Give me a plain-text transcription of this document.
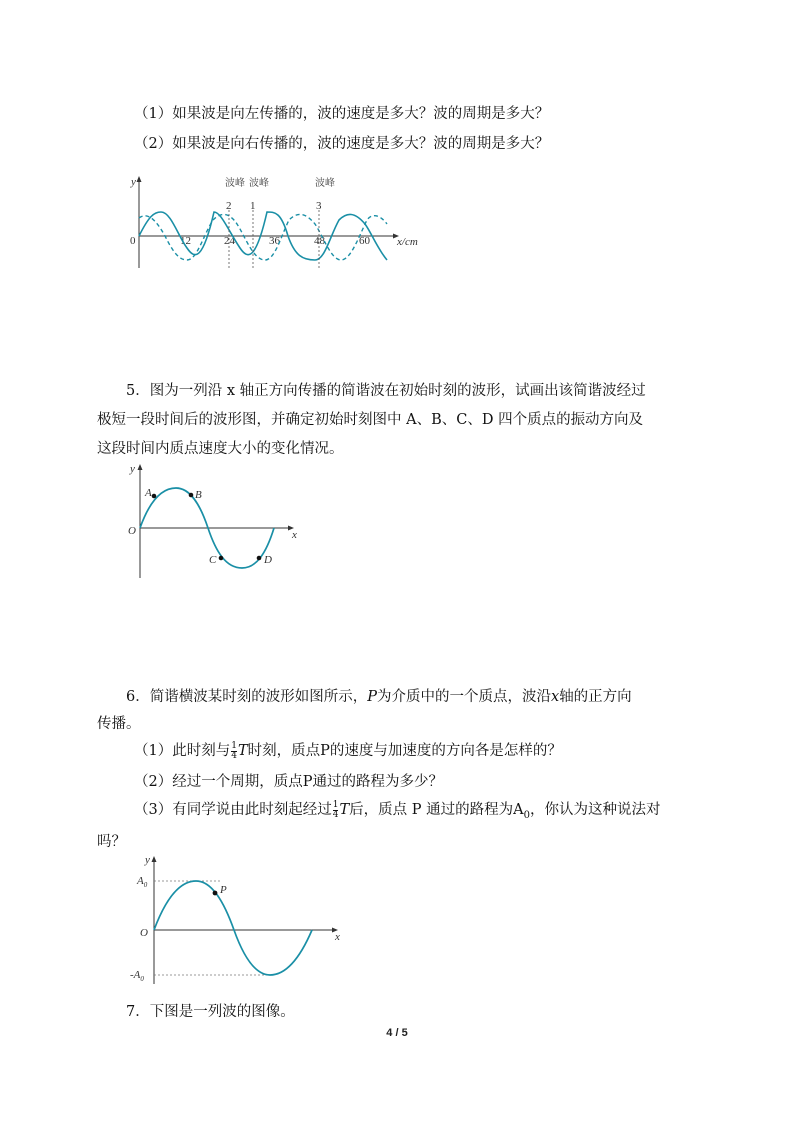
（1）如果波是向左传播的，波的速度是多大？波的周期是多大？
（2）如果波是向右传播的，波的速度是多大？波的周期是多大？
y
x/cm
0	12	24	36	48	60
波峰
2
波峰
1
波峰
3
5．图为一列沿 x 轴正方向传播的简谐波在初始时刻的波形，试画出该简谐波经过
极短一段时间后的波形图，并确定初始时刻图中 A、B、C、D 四个质点的振动方向及
这段时间内质点速度大小的变化情况。
y
x
O
A	B
C	D
6．简谐横波某时刻的波形如图所示，P为介质中的一个质点，波沿x轴的正方向
传播。
（1）此时刻与 $\frac{1}{4}$ T时刻，质点P的速度与加速度的方向各是怎样的？
（2）经过一个周期，质点P通过的路程为多少？
（3）有同学说由此时刻起经过 $\frac{1}{4}$ T后，质点 P 通过的路程为$A_0$，你认为这种说法对
吗？
y
x
O
$A_0$
$-A_0$
P
7．下图是一列波的图像。
4 / 5
